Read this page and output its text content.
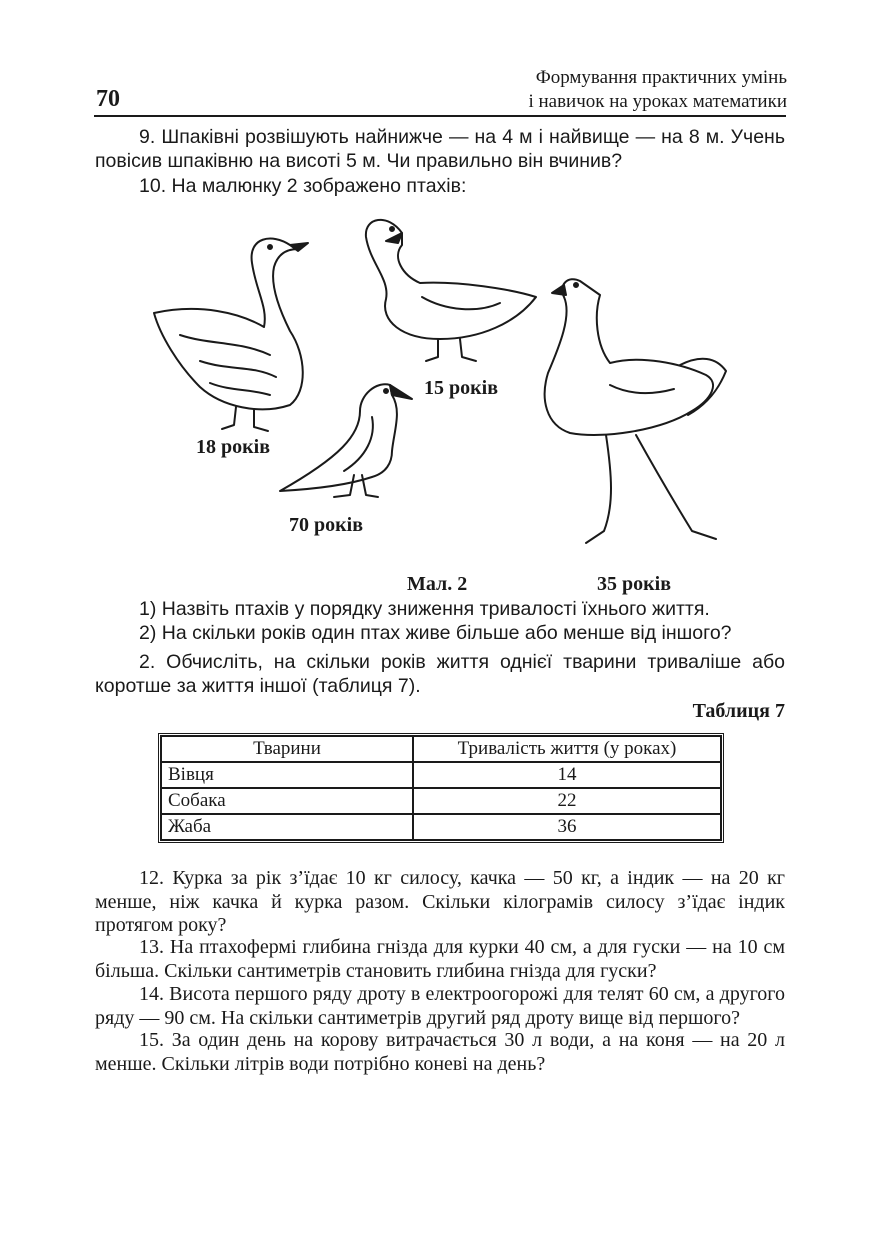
70
Формування практичних умінь
і навичок на уроках математики
9. Шпаківні розвішують найнижче — на 4 м і найвище — на 8 м. Учень повісив шпаківню на висоті 5 м. Чи правильно він вчинив?
10. На малюнку 2 зображено птахів:
18 років
15 років
70 років
35 років
Мал. 2
1) Назвіть птахів у порядку зниження тривалості їхнього життя.
2) На скільки років один птах живе більше або менше від іншого?
2. Обчисліть, на скільки років життя однієї тварини триваліше або коротше за життя іншої (таблиця 7).
Таблиця 7
Тварини	Тривалість життя (у роках)
Вівця	14
Собака	22
Жаба	36
12. Курка за рік з’їдає 10 кг силосу, качка — 50 кг, а індик — на 20 кг менше, ніж качка й курка разом. Скільки кілограмів силосу з’їдає індик протягом року?
13. На птахофермі глибина гнізда для курки 40 см, а для гуски — на 10 см більша. Скільки сантиметрів становить глибина гнізда для гуски?
14. Висота першого ряду дроту в електроогорожі для телят 60 см, а другого ряду — 90 см. На скільки сантиметрів другий ряд дроту вище від першого?
15. За один день на корову витрачається 30 л води, а на коня — на 20 л менше. Скільки літрів води потрібно коневі на день?
